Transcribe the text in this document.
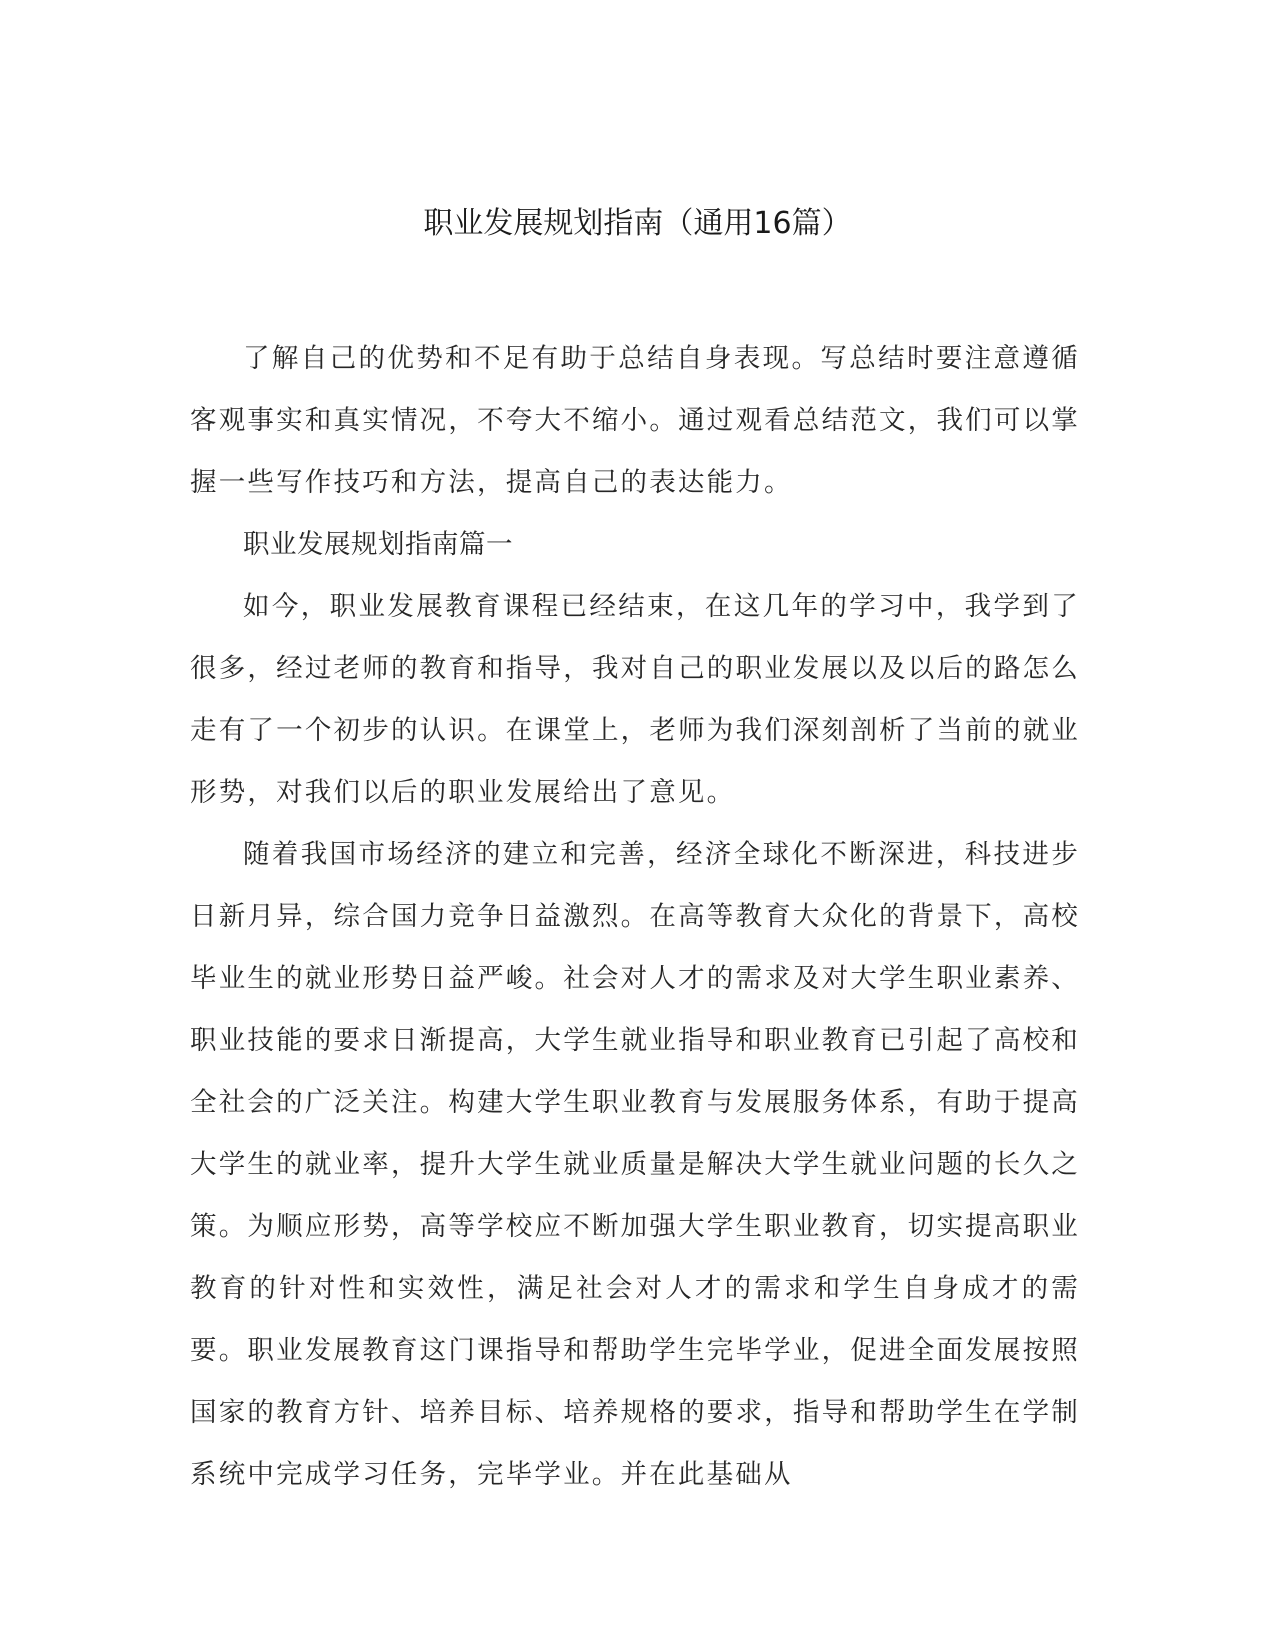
职业发展规划指南（通用16篇）

了解自己的优势和不足有助于总结自身表现。写总结时要注意遵循客观事实和真实情况，不夸大不缩小。通过观看总结范文，我们可以掌握一些写作技巧和方法，提高自己的表达能力。

职业发展规划指南篇一

如今，职业发展教育课程已经结束，在这几年的学习中，我学到了很多，经过老师的教育和指导，我对自己的职业发展以及以后的路怎么走有了一个初步的认识。在课堂上，老师为我们深刻剖析了当前的就业形势，对我们以后的职业发展给出了意见。

随着我国市场经济的建立和完善，经济全球化不断深进，科技进步日新月异，综合国力竞争日益激烈。在高等教育大众化的背景下，高校毕业生的就业形势日益严峻。社会对人才的需求及对大学生职业素养、职业技能的要求日渐提高，大学生就业指导和职业教育已引起了高校和全社会的广泛关注。构建大学生职业教育与发展服务体系，有助于提高大学生的就业率，提升大学生就业质量是解决大学生就业问题的长久之策。为顺应形势，高等学校应不断加强大学生职业教育，切实提高职业教育的针对性和实效性，满足社会对人才的需求和学生自身成才的需要。职业发展教育这门课指导和帮助学生完毕学业，促进全面发展按照国家的教育方针、培养目标、培养规格的要求，指导和帮助学生在学制系统中完成学习任务，完毕学业。并在此基础从
